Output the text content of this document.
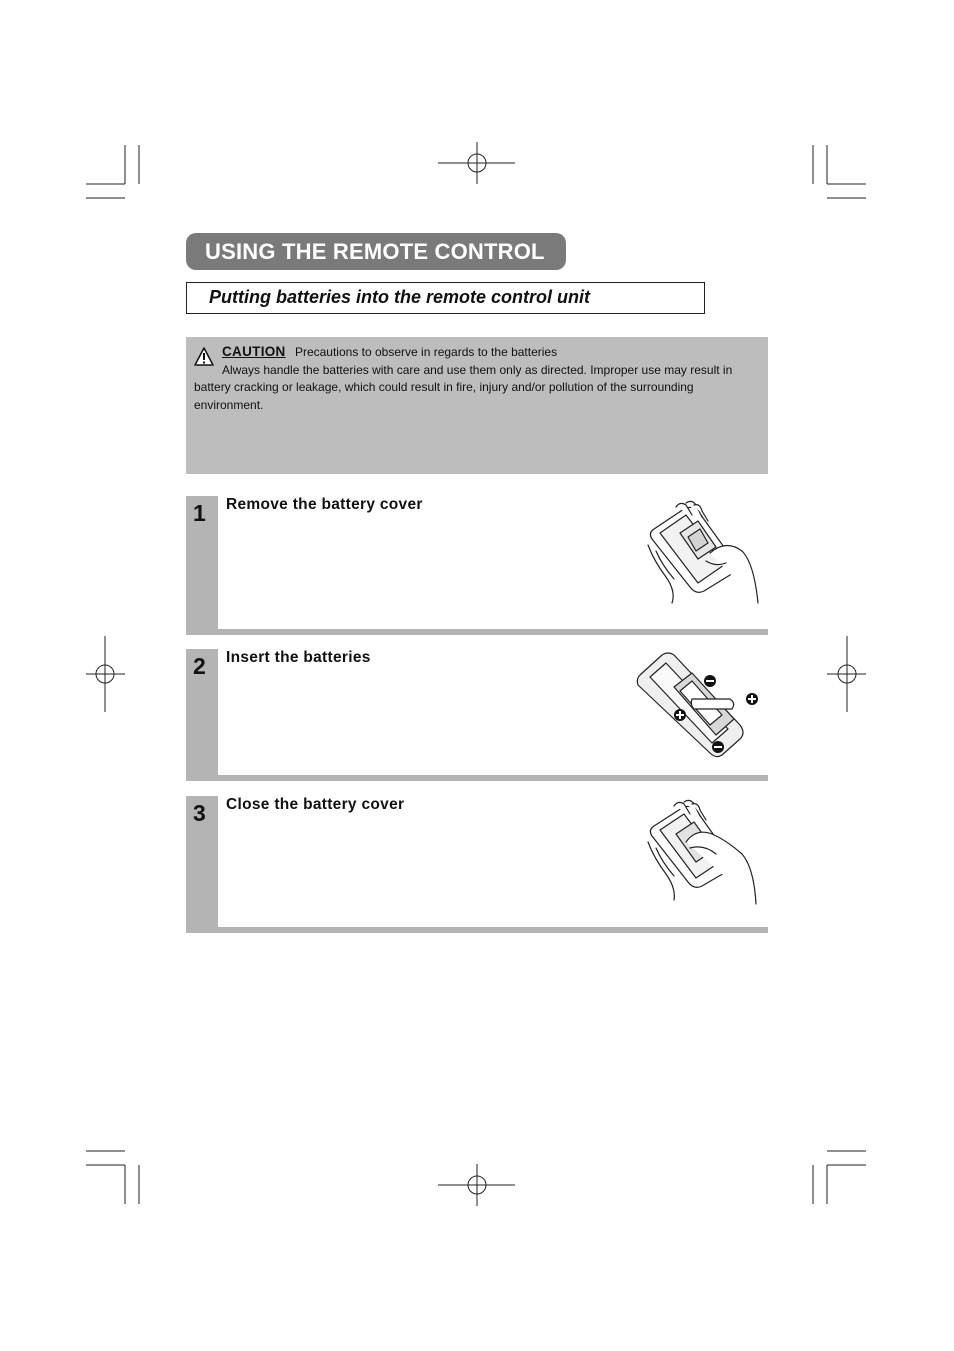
USING THE REMOTE CONTROL
Putting batteries into the remote control unit
CAUTION Precautions to observe in regards to the batteries
Always handle the batteries with care and use them only as directed. Improper use may result in
battery cracking or leakage, which could result in fire, injury and/or pollution of the surrounding environment.
1 Remove the battery cover
2 Insert the batteries
3 Close the battery cover
